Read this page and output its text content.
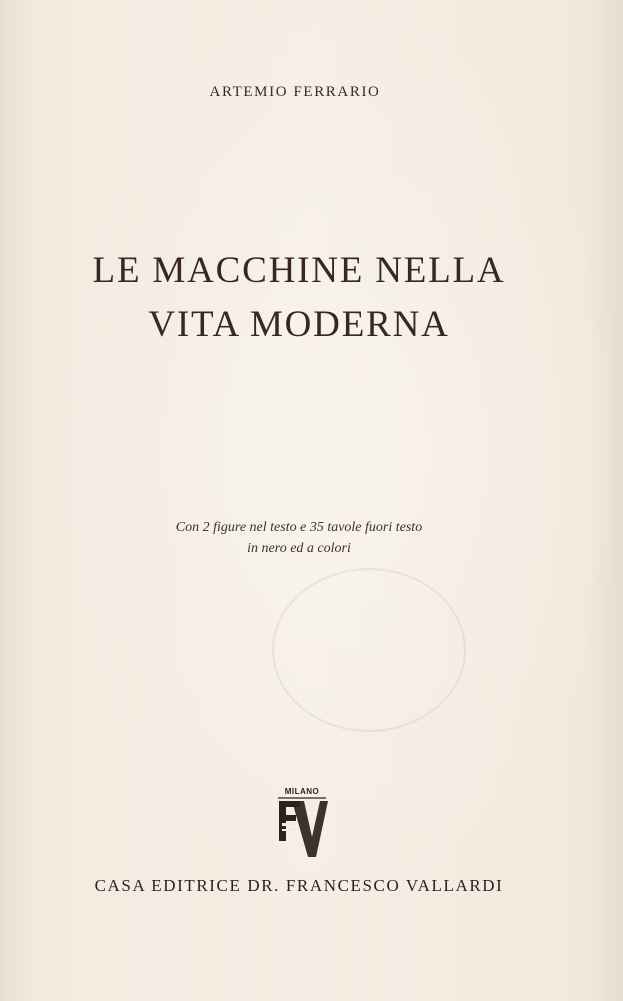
ARTEMIO FERRARIO
LE MACCHINE NELLA
VITA MODERNA
Con 2 figure nel testo e 35 tavole fuori testo
in nero ed a colori
MILANO
CASA EDITRICE DR. FRANCESCO VALLARDI
